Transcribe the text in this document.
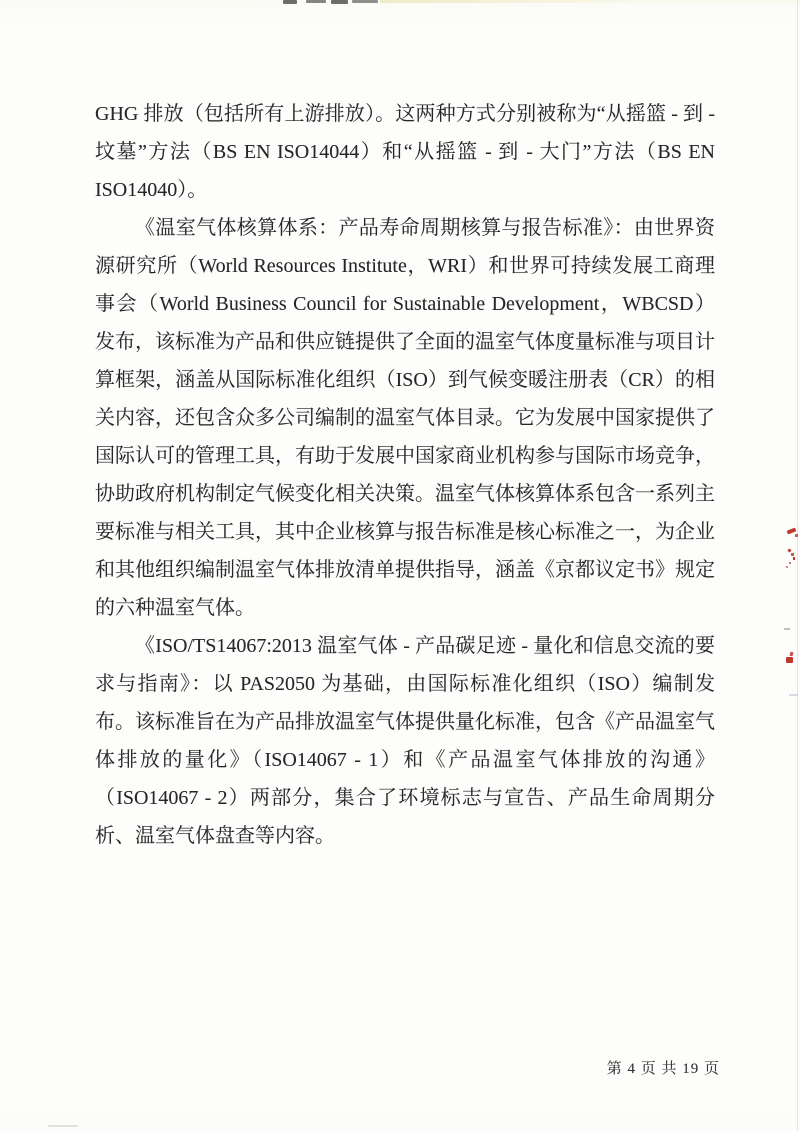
GHG 排放（包括所有上游排放）。这两种方式分别被称为“从摇篮 - 到 - 坟墓”方法（BS EN ISO14044）和“从摇篮 - 到 - 大门”方法（BS EN ISO14040）。

《温室气体核算体系：产品寿命周期核算与报告标准》：由世界资源研究所（World Resources Institute，WRI）和世界可持续发展工商理事会（World Business Council for Sustainable Development，WBCSD）发布，该标准为产品和供应链提供了全面的温室气体度量标准与项目计算框架，涵盖从国际标准化组织（ISO）到气候变暖注册表（CR）的相关内容，还包含众多公司编制的温室气体目录。它为发展中国家提供了国际认可的管理工具，有助于发展中国家商业机构参与国际市场竞争，协助政府机构制定气候变化相关决策。温室气体核算体系包含一系列主要标准与相关工具，其中企业核算与报告标准是核心标准之一，为企业和其他组织编制温室气体排放清单提供指导，涵盖《京都议定书》规定的六种温室气体。

《ISO/TS14067:2013 温室气体 - 产品碳足迹 - 量化和信息交流的要求与指南》：以 PAS2050 为基础，由国际标准化组织（ISO）编制发布。该标准旨在为产品排放温室气体提供量化标准，包含《产品温室气体排放的量化》（ISO14067 - 1）和《产品温室气体排放的沟通》（ISO14067 - 2）两部分，集合了环境标志与宣告、产品生命周期分析、温室气体盘查等内容。

第 4 页 共 19 页
